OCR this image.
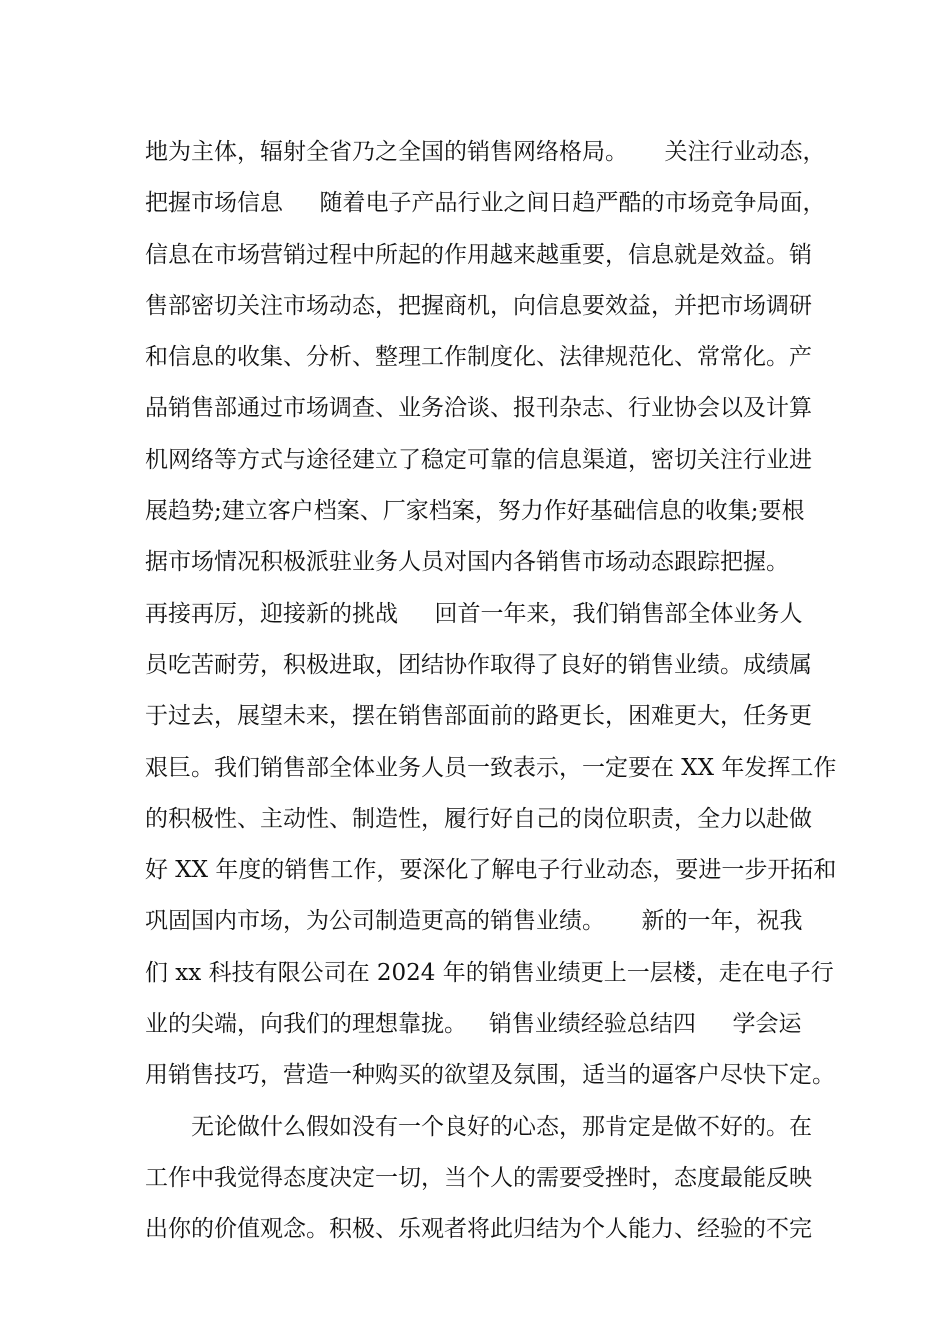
地为主体，辐射全省乃之全国的销售网络格局。     关注行业动态，
把握市场信息     随着电子产品行业之间日趋严酷的市场竞争局面，
信息在市场营销过程中所起的作用越来越重要，信息就是效益。销
售部密切关注市场动态，把握商机，向信息要效益，并把市场调研
和信息的收集、分析、整理工作制度化、法律规范化、常常化。产
品销售部通过市场调查、业务洽谈、报刊杂志、行业协会以及计算
机网络等方式与途径建立了稳定可靠的信息渠道，密切关注行业进
展趋势;建立客户档案、厂家档案，努力作好基础信息的收集;要根
据市场情况积极派驻业务人员对国内各销售市场动态跟踪把握。
再接再厉，迎接新的挑战     回首一年来，我们销售部全体业务人
员吃苦耐劳，积极进取，团结协作取得了良好的销售业绩。成绩属
于过去，展望未来，摆在销售部面前的路更长，困难更大，任务更
艰巨。我们销售部全体业务人员一致表示，一定要在 XX 年发挥工作
的积极性、主动性、制造性，履行好自己的岗位职责，全力以赴做
好 XX 年度的销售工作，要深化了解电子行业动态，要进一步开拓和
巩固国内市场，为公司制造更高的销售业绩。     新的一年，祝我
们 xx 科技有限公司在 2024 年的销售业绩更上一层楼，走在电子行
业的尖端，向我们的理想靠拢。   销售业绩经验总结四     学会运
用销售技巧，营造一种购买的欲望及氛围，适当的逼客户尽快下定。
　　无论做什么假如没有一个良好的心态，那肯定是做不好的。在
工作中我觉得态度决定一切，当个人的需要受挫时，态度最能反映
出你的价值观念。积极、乐观者将此归结为个人能力、经验的不完
